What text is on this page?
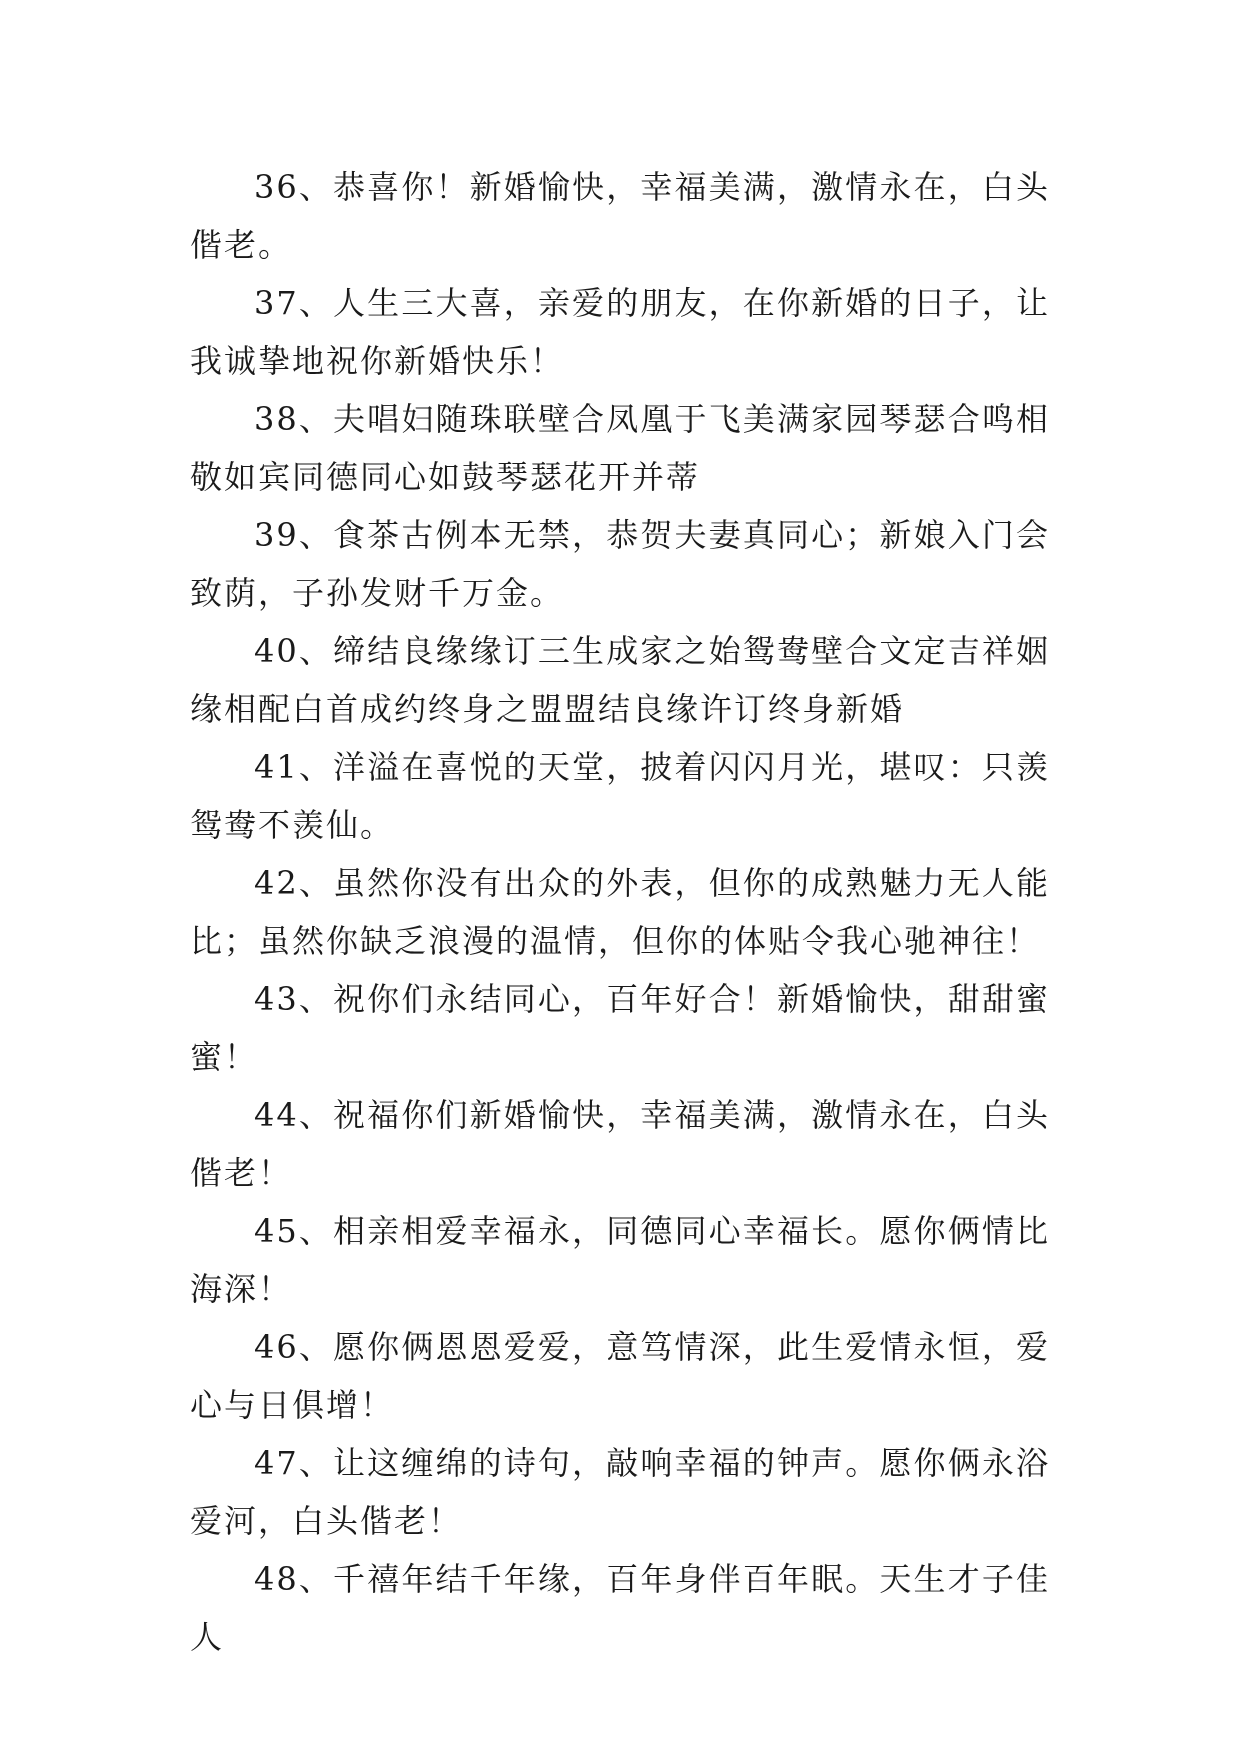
36、恭喜你！新婚愉快，幸福美满，激情永在，白头偕老。

37、人生三大喜，亲爱的朋友，在你新婚的日子，让我诚挚地祝你新婚快乐！

38、夫唱妇随珠联壁合凤凰于飞美满家园琴瑟合鸣相敬如宾同德同心如鼓琴瑟花开并蒂

39、食茶古例本无禁，恭贺夫妻真同心；新娘入门会致荫，子孙发财千万金。

40、缔结良缘缘订三生成家之始鸳鸯壁合文定吉祥姻缘相配白首成约终身之盟盟结良缘许订终身新婚

41、洋溢在喜悦的天堂，披着闪闪月光，堪叹：只羡鸳鸯不羡仙。

42、虽然你没有出众的外表，但你的成熟魅力无人能比；虽然你缺乏浪漫的温情，但你的体贴令我心驰神往！

43、祝你们永结同心，百年好合！新婚愉快，甜甜蜜蜜！

44、祝福你们新婚愉快，幸福美满，激情永在，白头偕老！

45、相亲相爱幸福永，同德同心幸福长。愿你俩情比海深！

46、愿你俩恩恩爱爱，意笃情深，此生爱情永恒，爱心与日俱增！

47、让这缠绵的诗句，敲响幸福的钟声。愿你俩永浴爱河，白头偕老！

48、千禧年结千年缘，百年身伴百年眠。天生才子佳人
